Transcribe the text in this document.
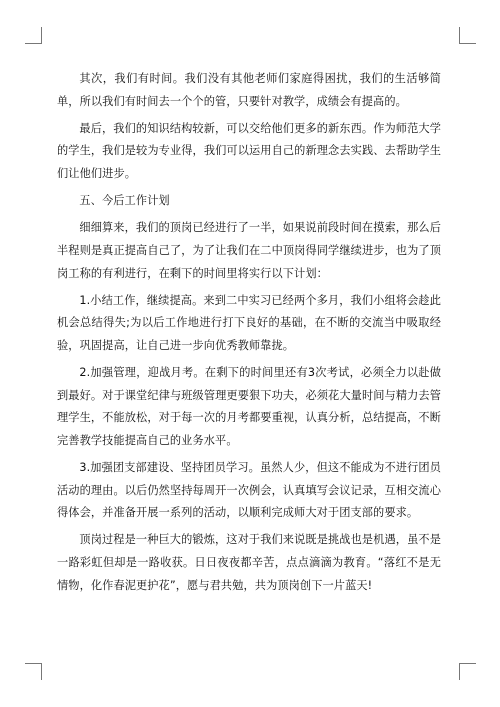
其次，我们有时间。我们没有其他老师们家庭得困扰，我们的生活够简单，所以我们有时间去一个个的管，只要针对教学，成绩会有提高的。

最后，我们的知识结构较新，可以交给他们更多的新东西。作为师范大学的学生，我们是较为专业得，我们可以运用自己的新理念去实践、去帮助学生们让他们进步。

五、今后工作计划

细细算来，我们的顶岗已经进行了一半，如果说前段时间在摸索，那么后半程则是真正提高自己了，为了让我们在二中顶岗得同学继续进步，也为了顶岗工称的有利进行，在剩下的时间里将实行以下计划：

1.小结工作，继续提高。来到二中实习已经两个多月，我们小组将会趁此机会总结得失;为以后工作地进行打下良好的基础，在不断的交流当中吸取经验，巩固提高，让自己进一步向优秀教师靠拢。

2.加强管理，迎战月考。在剩下的时间里还有3次考试，必须全力以赴做到最好。对于课堂纪律与班级管理更要狠下功夫，必须花大量时间与精力去管理学生，不能放松，对于每一次的月考都要重视，认真分析，总结提高，不断完善教学技能提高自己的业务水平。

3.加强团支部建设、坚持团员学习。虽然人少，但这不能成为不进行团员活动的理由。以后仍然坚持每周开一次例会，认真填写会议记录，互相交流心得体会，并准备开展一系列的活动，以顺利完成师大对于团支部的要求。

顶岗过程是一种巨大的锻炼，这对于我们来说既是挑战也是机遇，虽不是一路彩虹但却是一路收获。日日夜夜都辛苦，点点滴滴为教育。“落红不是无情物，化作春泥更护花”，愿与君共勉，共为顶岗创下一片蓝天!
